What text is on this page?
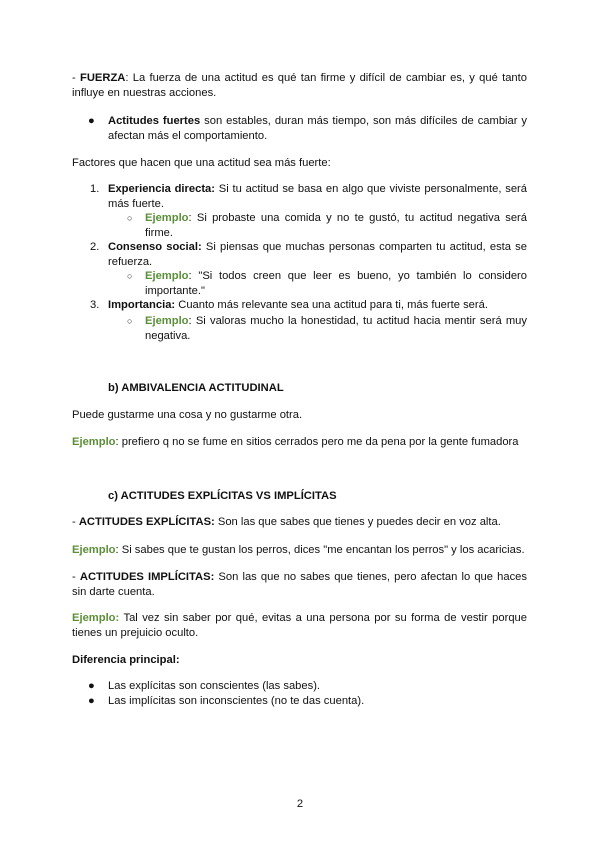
- FUERZA: La fuerza de una actitud es qué tan firme y difícil de cambiar es, y qué tanto influye en nuestras acciones.

● Actitudes fuertes son estables, duran más tiempo, son más difíciles de cambiar y afectan más el comportamiento.

Factores que hacen que una actitud sea más fuerte:

1. Experiencia directa: Si tu actitud se basa en algo que viviste personalmente, será más fuerte.

○ Ejemplo: Si probaste una comida y no te gustó, tu actitud negativa será firme.

2. Consenso social: Si piensas que muchas personas comparten tu actitud, esta se refuerza.

○ Ejemplo: "Si todos creen que leer es bueno, yo también lo considero importante."

3. Importancia: Cuanto más relevante sea una actitud para ti, más fuerte será.

○ Ejemplo: Si valoras mucho la honestidad, tu actitud hacia mentir será muy negativa.

b) AMBIVALENCIA ACTITUDINAL

Puede gustarme una cosa y no gustarme otra.

Ejemplo: prefiero q no se fume en sitios cerrados pero me da pena por la gente fumadora

c) ACTITUDES EXPLÍCITAS VS IMPLÍCITAS

- ACTITUDES EXPLÍCITAS: Son las que sabes que tienes y puedes decir en voz alta.

Ejemplo: Si sabes que te gustan los perros, dices "me encantan los perros" y los acaricias.

- ACTITUDES IMPLÍCITAS: Son las que no sabes que tienes, pero afectan lo que haces sin darte cuenta.

Ejemplo: Tal vez sin saber por qué, evitas a una persona por su forma de vestir porque tienes un prejuicio oculto.

Diferencia principal:

● Las explícitas son conscientes (las sabes).

● Las implícitas son inconscientes (no te das cuenta).

2
